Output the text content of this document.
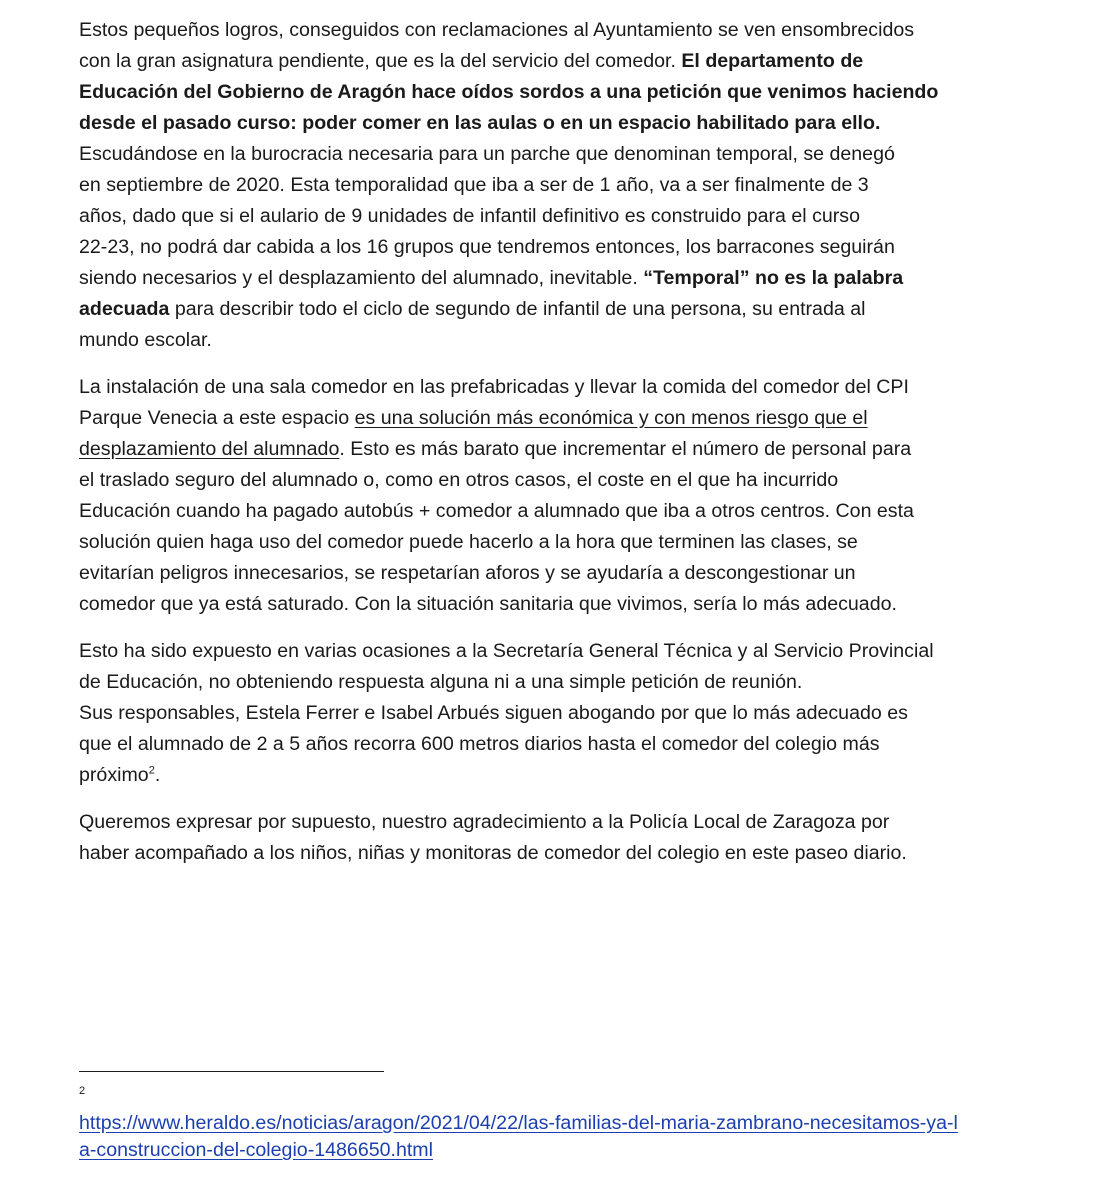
Estos pequeños logros, conseguidos con reclamaciones al Ayuntamiento se ven ensombrecidos
con la gran asignatura pendiente, que es la del servicio del comedor. El departamento de
Educación del Gobierno de Aragón hace oídos sordos a una petición que venimos haciendo
desde el pasado curso: poder comer en las aulas o en un espacio habilitado para ello.
Escudándose en la burocracia necesaria para un parche que denominan temporal, se denegó
en septiembre de 2020. Esta temporalidad que iba a ser de 1 año, va a ser finalmente de 3
años, dado que si el aulario de 9 unidades de infantil definitivo es construido para el curso
22-23, no podrá dar cabida a los 16 grupos que tendremos entonces, los barracones seguirán
siendo necesarios y el desplazamiento del alumnado, inevitable. “Temporal” no es la palabra
adecuada para describir todo el ciclo de segundo de infantil de una persona, su entrada al
mundo escolar.

La instalación de una sala comedor en las prefabricadas y llevar la comida del comedor del CPI
Parque Venecia a este espacio es una solución más económica y con menos riesgo que el
desplazamiento del alumnado. Esto es más barato que incrementar el número de personal para
el traslado seguro del alumnado o, como en otros casos, el coste en el que ha incurrido
Educación cuando ha pagado autobús + comedor a alumnado que iba a otros centros. Con esta
solución quien haga uso del comedor puede hacerlo a la hora que terminen las clases, se
evitarían peligros innecesarios, se respetarían aforos y se ayudaría a descongestionar un
comedor que ya está saturado. Con la situación sanitaria que vivimos, sería lo más adecuado.

Esto ha sido expuesto en varias ocasiones a la Secretaría General Técnica y al Servicio Provincial
de Educación, no obteniendo respuesta alguna ni a una simple petición de reunión.
Sus responsables, Estela Ferrer e Isabel Arbués siguen abogando por que lo más adecuado es
que el alumnado de 2 a 5 años recorra 600 metros diarios hasta el comedor del colegio más
próximo$^2$.

Queremos expresar por supuesto, nuestro agradecimiento a la Policía Local de Zaragoza por
haber acompañado a los niños, niñas y monitoras de comedor del colegio en este paseo diario.

2
https://www.heraldo.es/noticias/aragon/2021/04/22/las-familias-del-maria-zambrano-necesitamos-ya-l
a-construccion-del-colegio-1486650.html
